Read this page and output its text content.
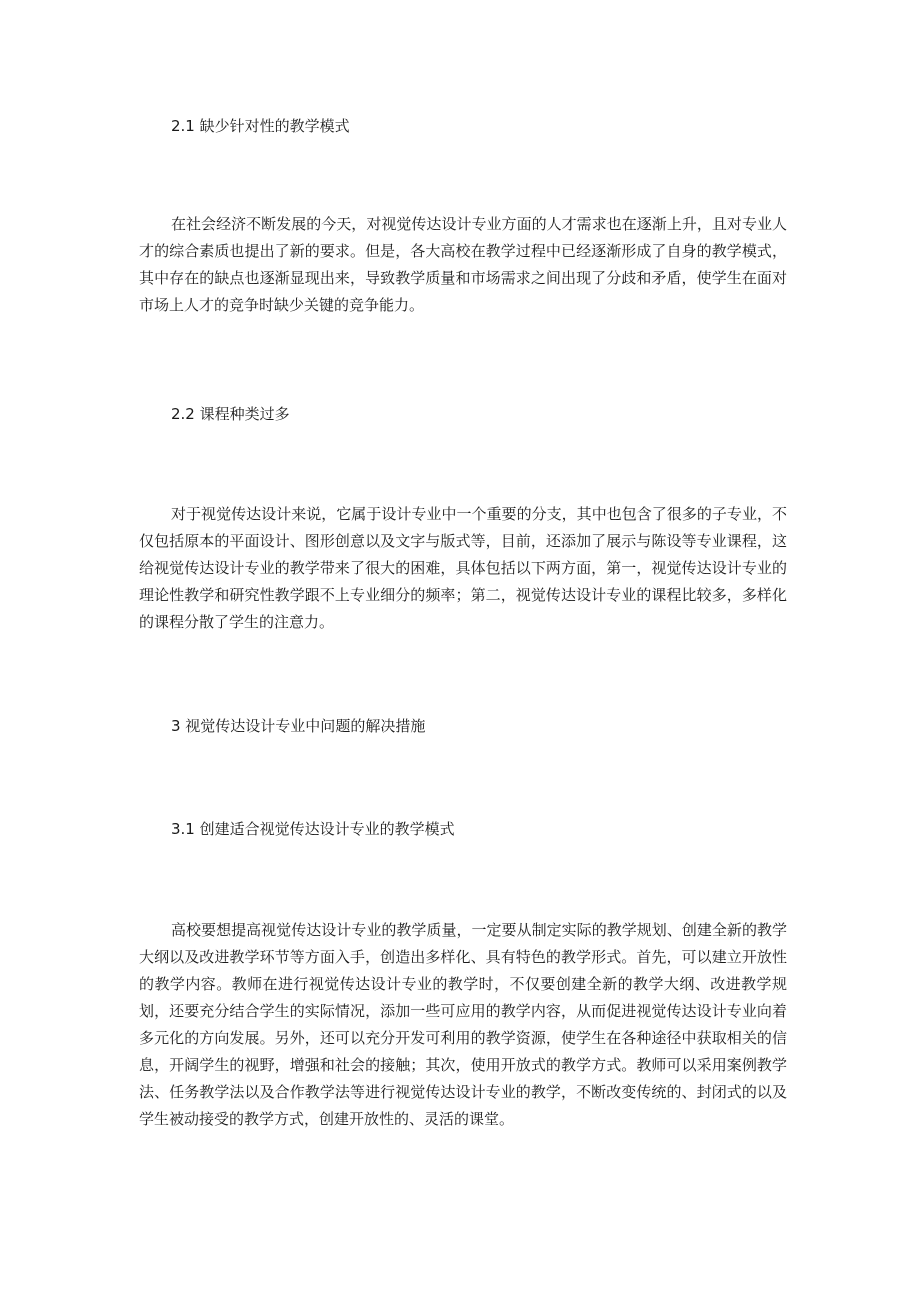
2.1 缺少针对性的教学模式

在社会经济不断发展的今天，对视觉传达设计专业方面的人才需求也在逐渐上升，且对专业人才的综合素质也提出了新的要求。但是，各大高校在教学过程中已经逐渐形成了自身的教学模式，其中存在的缺点也逐渐显现出来，导致教学质量和市场需求之间出现了分歧和矛盾，使学生在面对市场上人才的竞争时缺少关键的竞争能力。

2.2 课程种类过多

对于视觉传达设计来说，它属于设计专业中一个重要的分支，其中也包含了很多的子专业，不仅包括原本的平面设计、图形创意以及文字与版式等，目前，还添加了展示与陈设等专业课程，这给视觉传达设计专业的教学带来了很大的困难，具体包括以下两方面，第一，视觉传达设计专业的理论性教学和研究性教学跟不上专业细分的频率；第二，视觉传达设计专业的课程比较多，多样化的课程分散了学生的注意力。

3 视觉传达设计专业中问题的解决措施
3.1 创建适合视觉传达设计专业的教学模式

高校要想提高视觉传达设计专业的教学质量，一定要从制定实际的教学规划、创建全新的教学大纲以及改进教学环节等方面入手，创造出多样化、具有特色的教学形式。首先，可以建立开放性的教学内容。教师在进行视觉传达设计专业的教学时，不仅要创建全新的教学大纲、改进教学规划，还要充分结合学生的实际情况，添加一些可应用的教学内容，从而促进视觉传达设计专业向着多元化的方向发展。另外，还可以充分开发可利用的教学资源，使学生在各种途径中获取相关的信息，开阔学生的视野，增强和社会的接触；其次，使用开放式的教学方式。教师可以采用案例教学法、任务教学法以及合作教学法等进行视觉传达设计专业的教学，不断改变传统的、封闭式的以及学生被动接受的教学方式，创建开放性的、灵活的课堂。
